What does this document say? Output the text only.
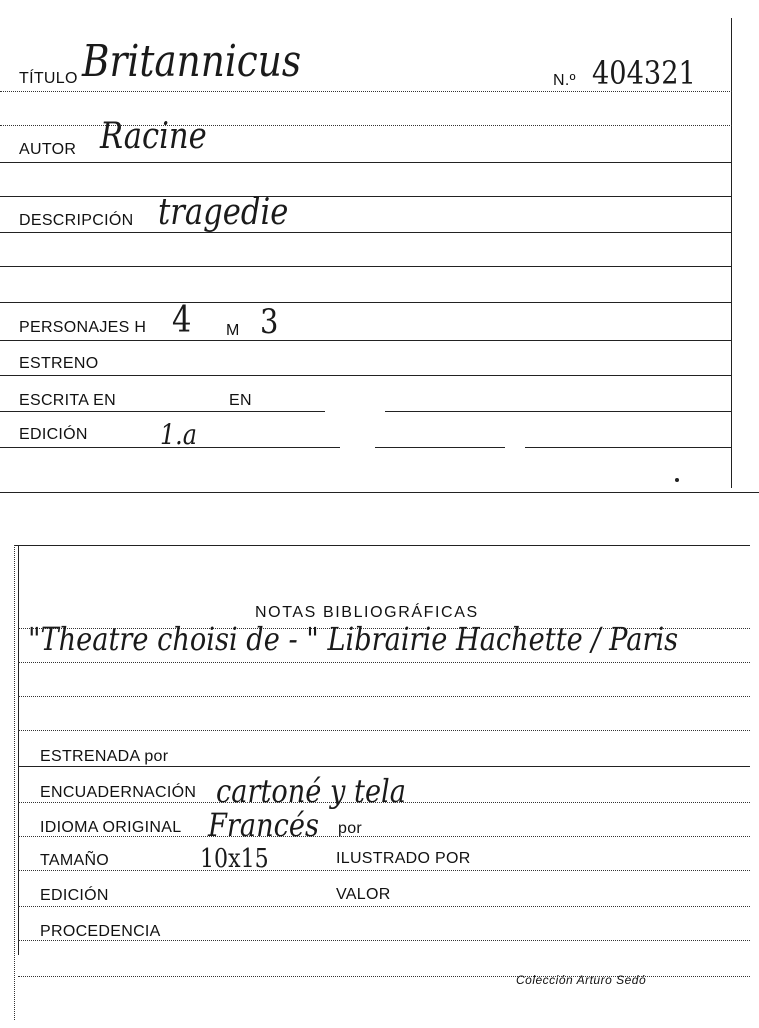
TÍTULO Britannicus	N.º 404321
AUTOR Racine
DESCRIPCIÓN tragedie
PERSONAJES H 4 M 3
ESTRENO
ESCRITA EN	EN
EDICIÓN	1.a
NOTAS BIBLIOGRÁFICAS
"Theatre choisi de - " Librairie Hachette / Paris
ESTRENADA por
ENCUADERNACIÓN cartoné y tela
IDIOMA ORIGINAL Francés por
TAMAÑO	10x15	ILUSTRADO POR
EDICIÓN	VALOR
PROCEDENCIA
Colección Arturo Sedó
